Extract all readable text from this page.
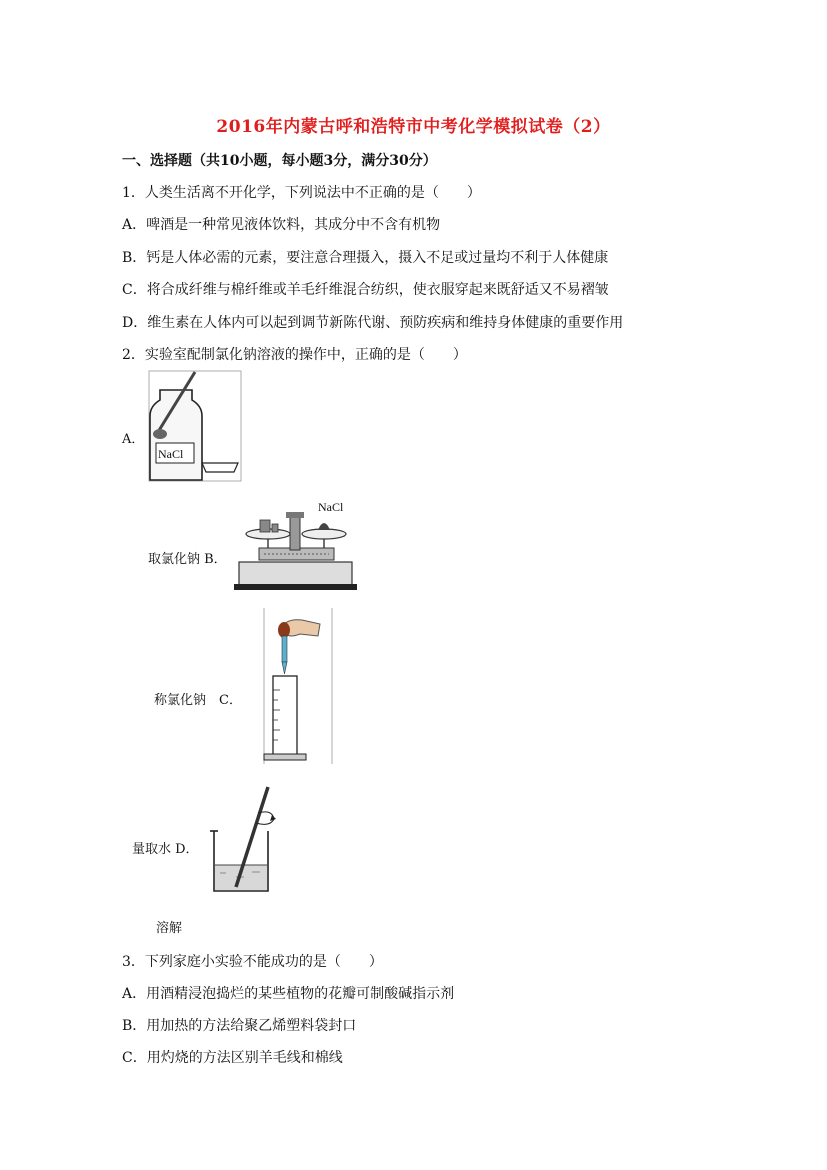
2016年内蒙古呼和浩特市中考化学模拟试卷（2）
一、选择题（共10小题，每小题3分，满分30分）
1．人类生活离不开化学，下列说法中不正确的是（　　）
A．啤酒是一种常见液体饮料，其成分中不含有机物
B．钙是人体必需的元素，要注意合理摄入，摄入不足或过量均不利于人体健康
C．将合成纤维与棉纤维或羊毛纤维混合纺织，使衣服穿起来既舒适又不易褶皱
D．维生素在人体内可以起到调节新陈代谢、预防疾病和维持身体健康的重要作用
2．实验室配制氯化钠溶液的操作中，正确的是（　　）
A．
NaCl
取氯化钠 B．
NaCl
称氯化钠　C．
量取水 D．
溶解
3．下列家庭小实验不能成功的是（　　）
A．用酒精浸泡捣烂的某些植物的花瓣可制酸碱指示剂
B．用加热的方法给聚乙烯塑料袋封口
C．用灼烧的方法区别羊毛线和棉线
